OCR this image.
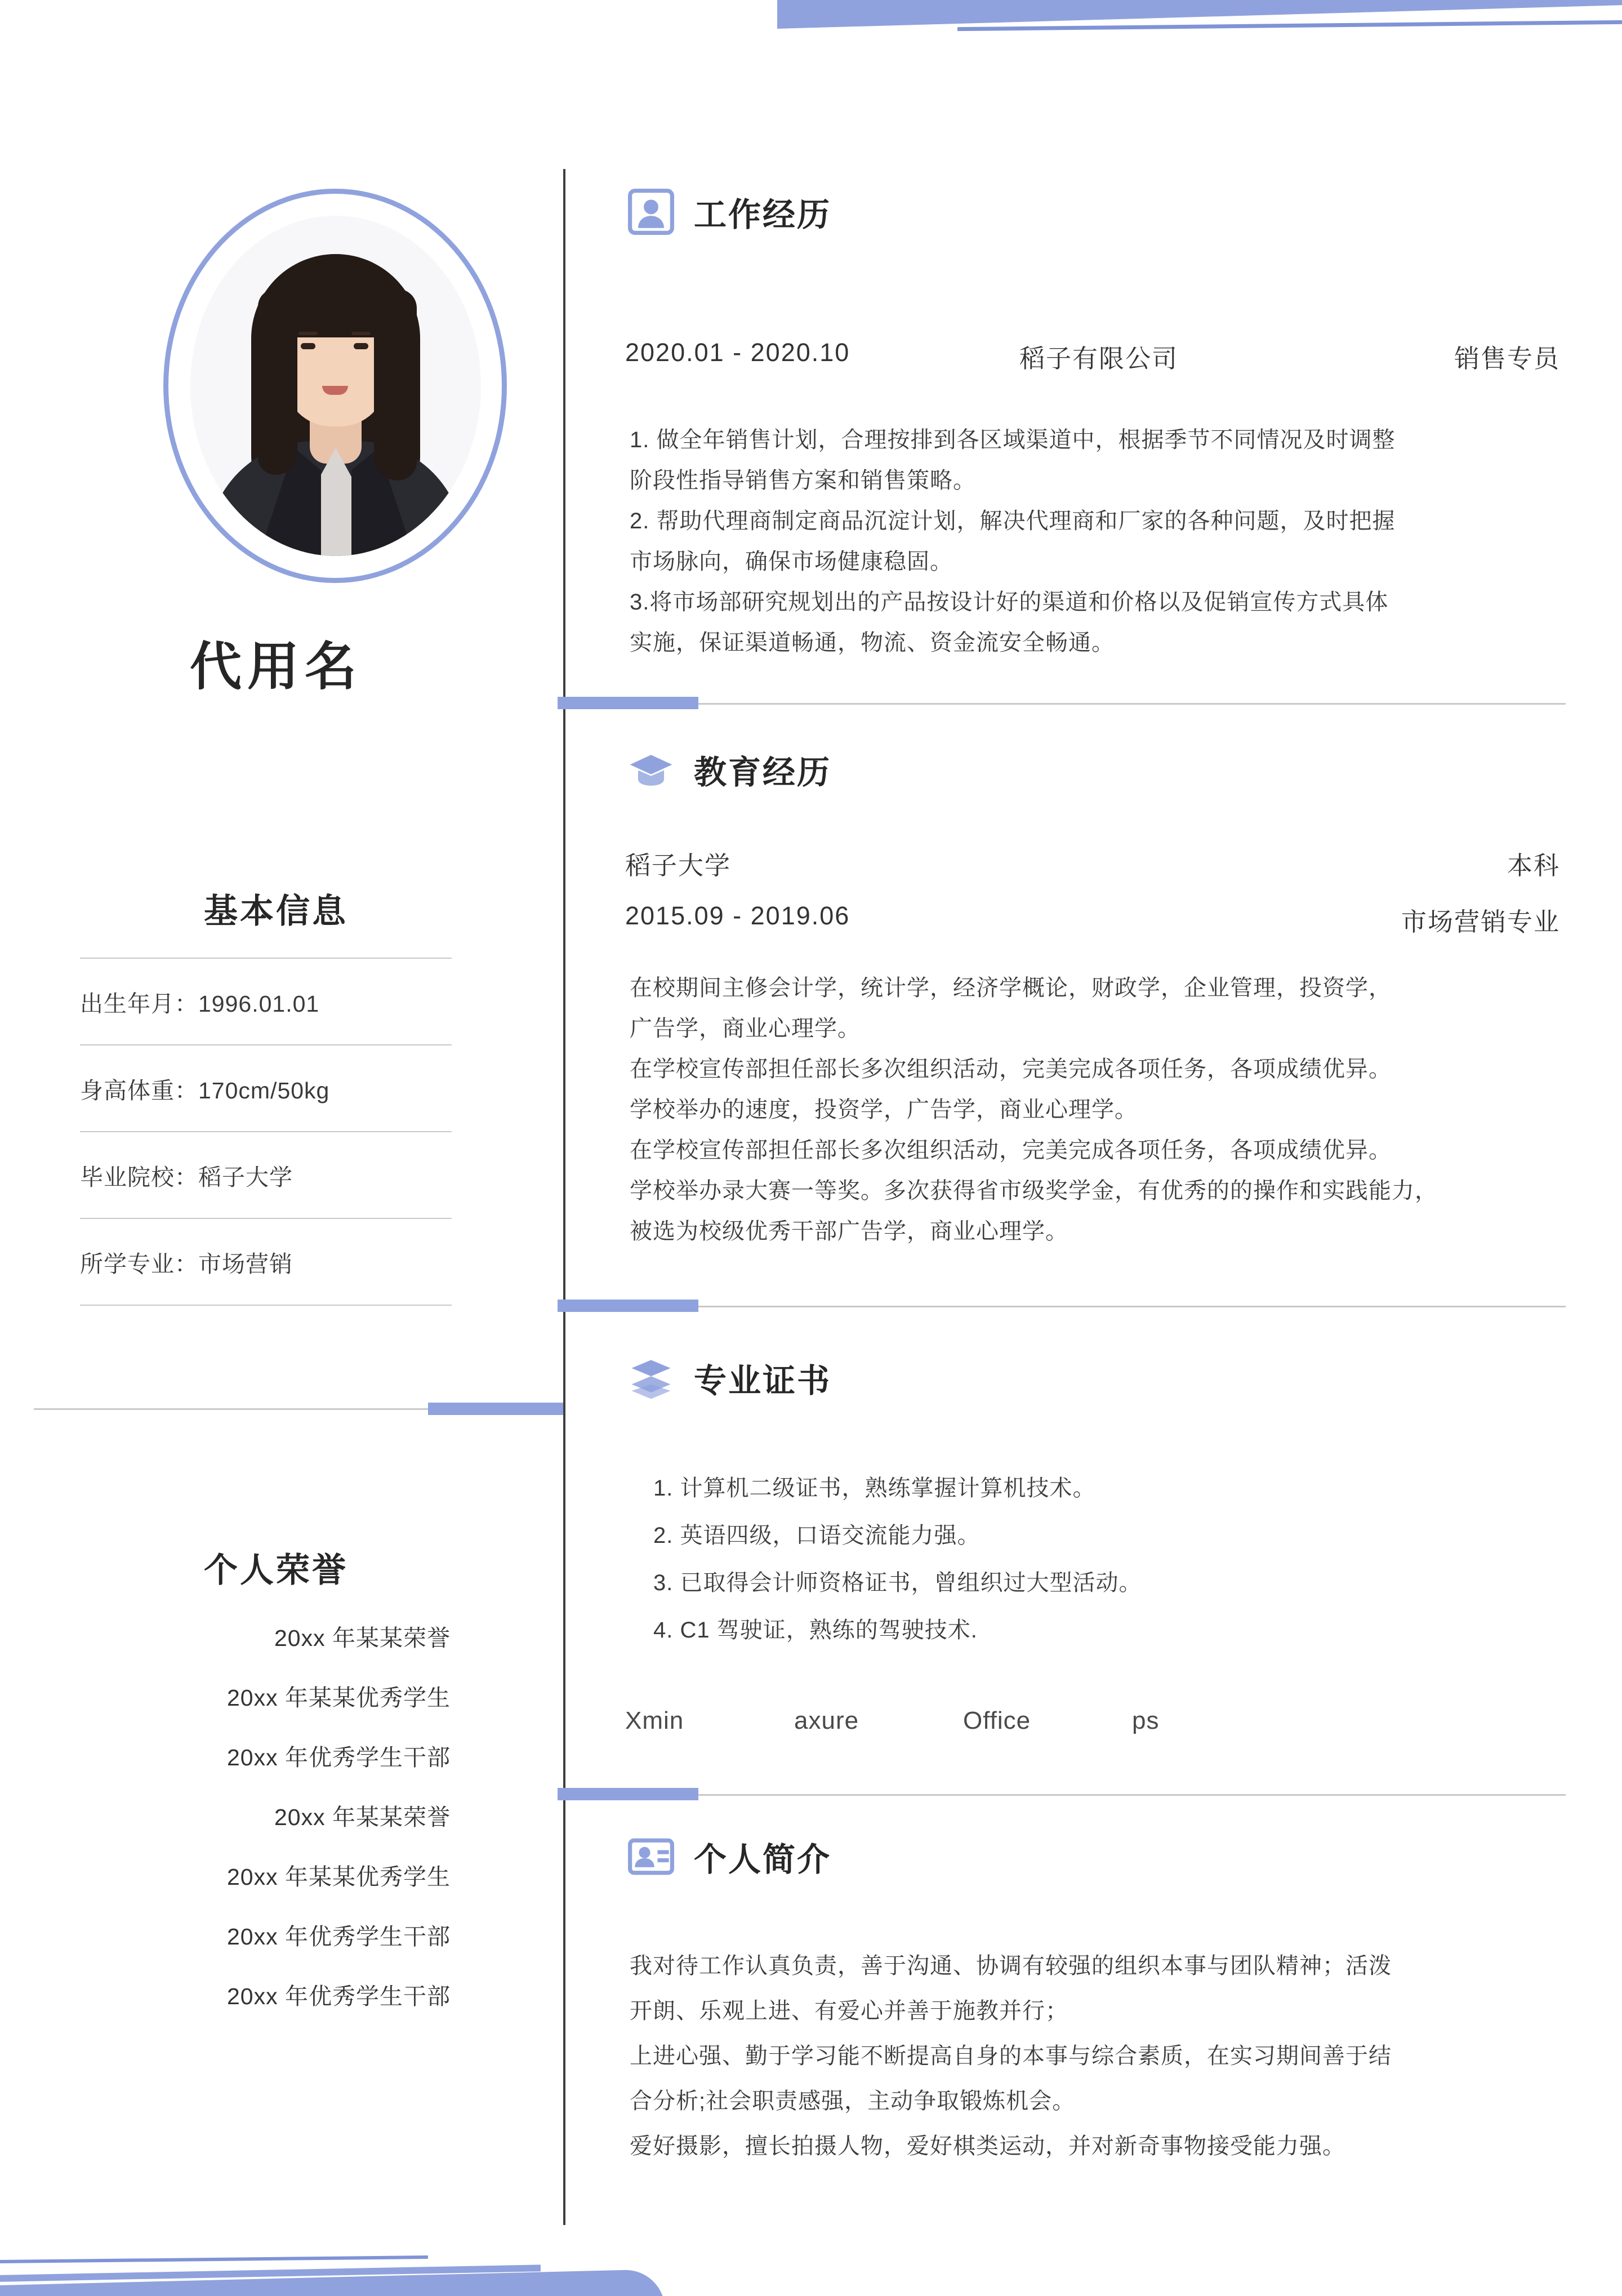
代用名
基本信息
出生年月：1996.01.01
身高体重：170cm/50kg
毕业院校：稻子大学
所学专业：市场营销
个人荣誉
20xx 年某某荣誉
20xx 年某某优秀学生
20xx 年优秀学生干部
20xx 年某某荣誉
20xx 年某某优秀学生
20xx 年优秀学生干部
20xx 年优秀学生干部
工作经历
2020.01 - 2020.10	稻子有限公司	销售专员

1. 做全年销售计划，合理按排到各区域渠道中，根据季节不同情况及时调整

阶段性指导销售方案和销售策略。

2. 帮助代理商制定商品沉淀计划，解决代理商和厂家的各种问题，及时把握

市场脉向，确保市场健康稳固。

3.将市场部研究规划出的产品按设计好的渠道和价格以及促销宣传方式具体

实施，保证渠道畅通，物流、资金流安全畅通。

教育经历
稻子大学	本科
2015.09 - 2019.06	市场营销专业

在校期间主修会计学，统计学，经济学概论，财政学，企业管理，投资学，

广告学，商业心理学。

在学校宣传部担任部长多次组织活动，完美完成各项任务，各项成绩优异。

学校举办的速度，投资学，广告学，商业心理学。

在学校宣传部担任部长多次组织活动，完美完成各项任务，各项成绩优异。

学校举办录大赛一等奖。多次获得省市级奖学金，有优秀的的操作和实践能力，

被选为校级优秀干部广告学，商业心理学。

专业证书

1. 计算机二级证书，熟练掌握计算机技术。

2. 英语四级，口语交流能力强。

3. 已取得会计师资格证书，曾组织过大型活动。

4. C1 驾驶证，熟练的驾驶技术.

Xmin	axure	Office	ps
个人简介

我对待工作认真负责，善于沟通、协调有较强的组织本事与团队精神；活泼

开朗、乐观上进、有爱心并善于施教并行；

上进心强、勤于学习能不断提高自身的本事与综合素质，在实习期间善于结

合分析;社会职责感强，主动争取锻炼机会。

爱好摄影，擅长拍摄人物，爱好棋类运动，并对新奇事物接受能力强。
